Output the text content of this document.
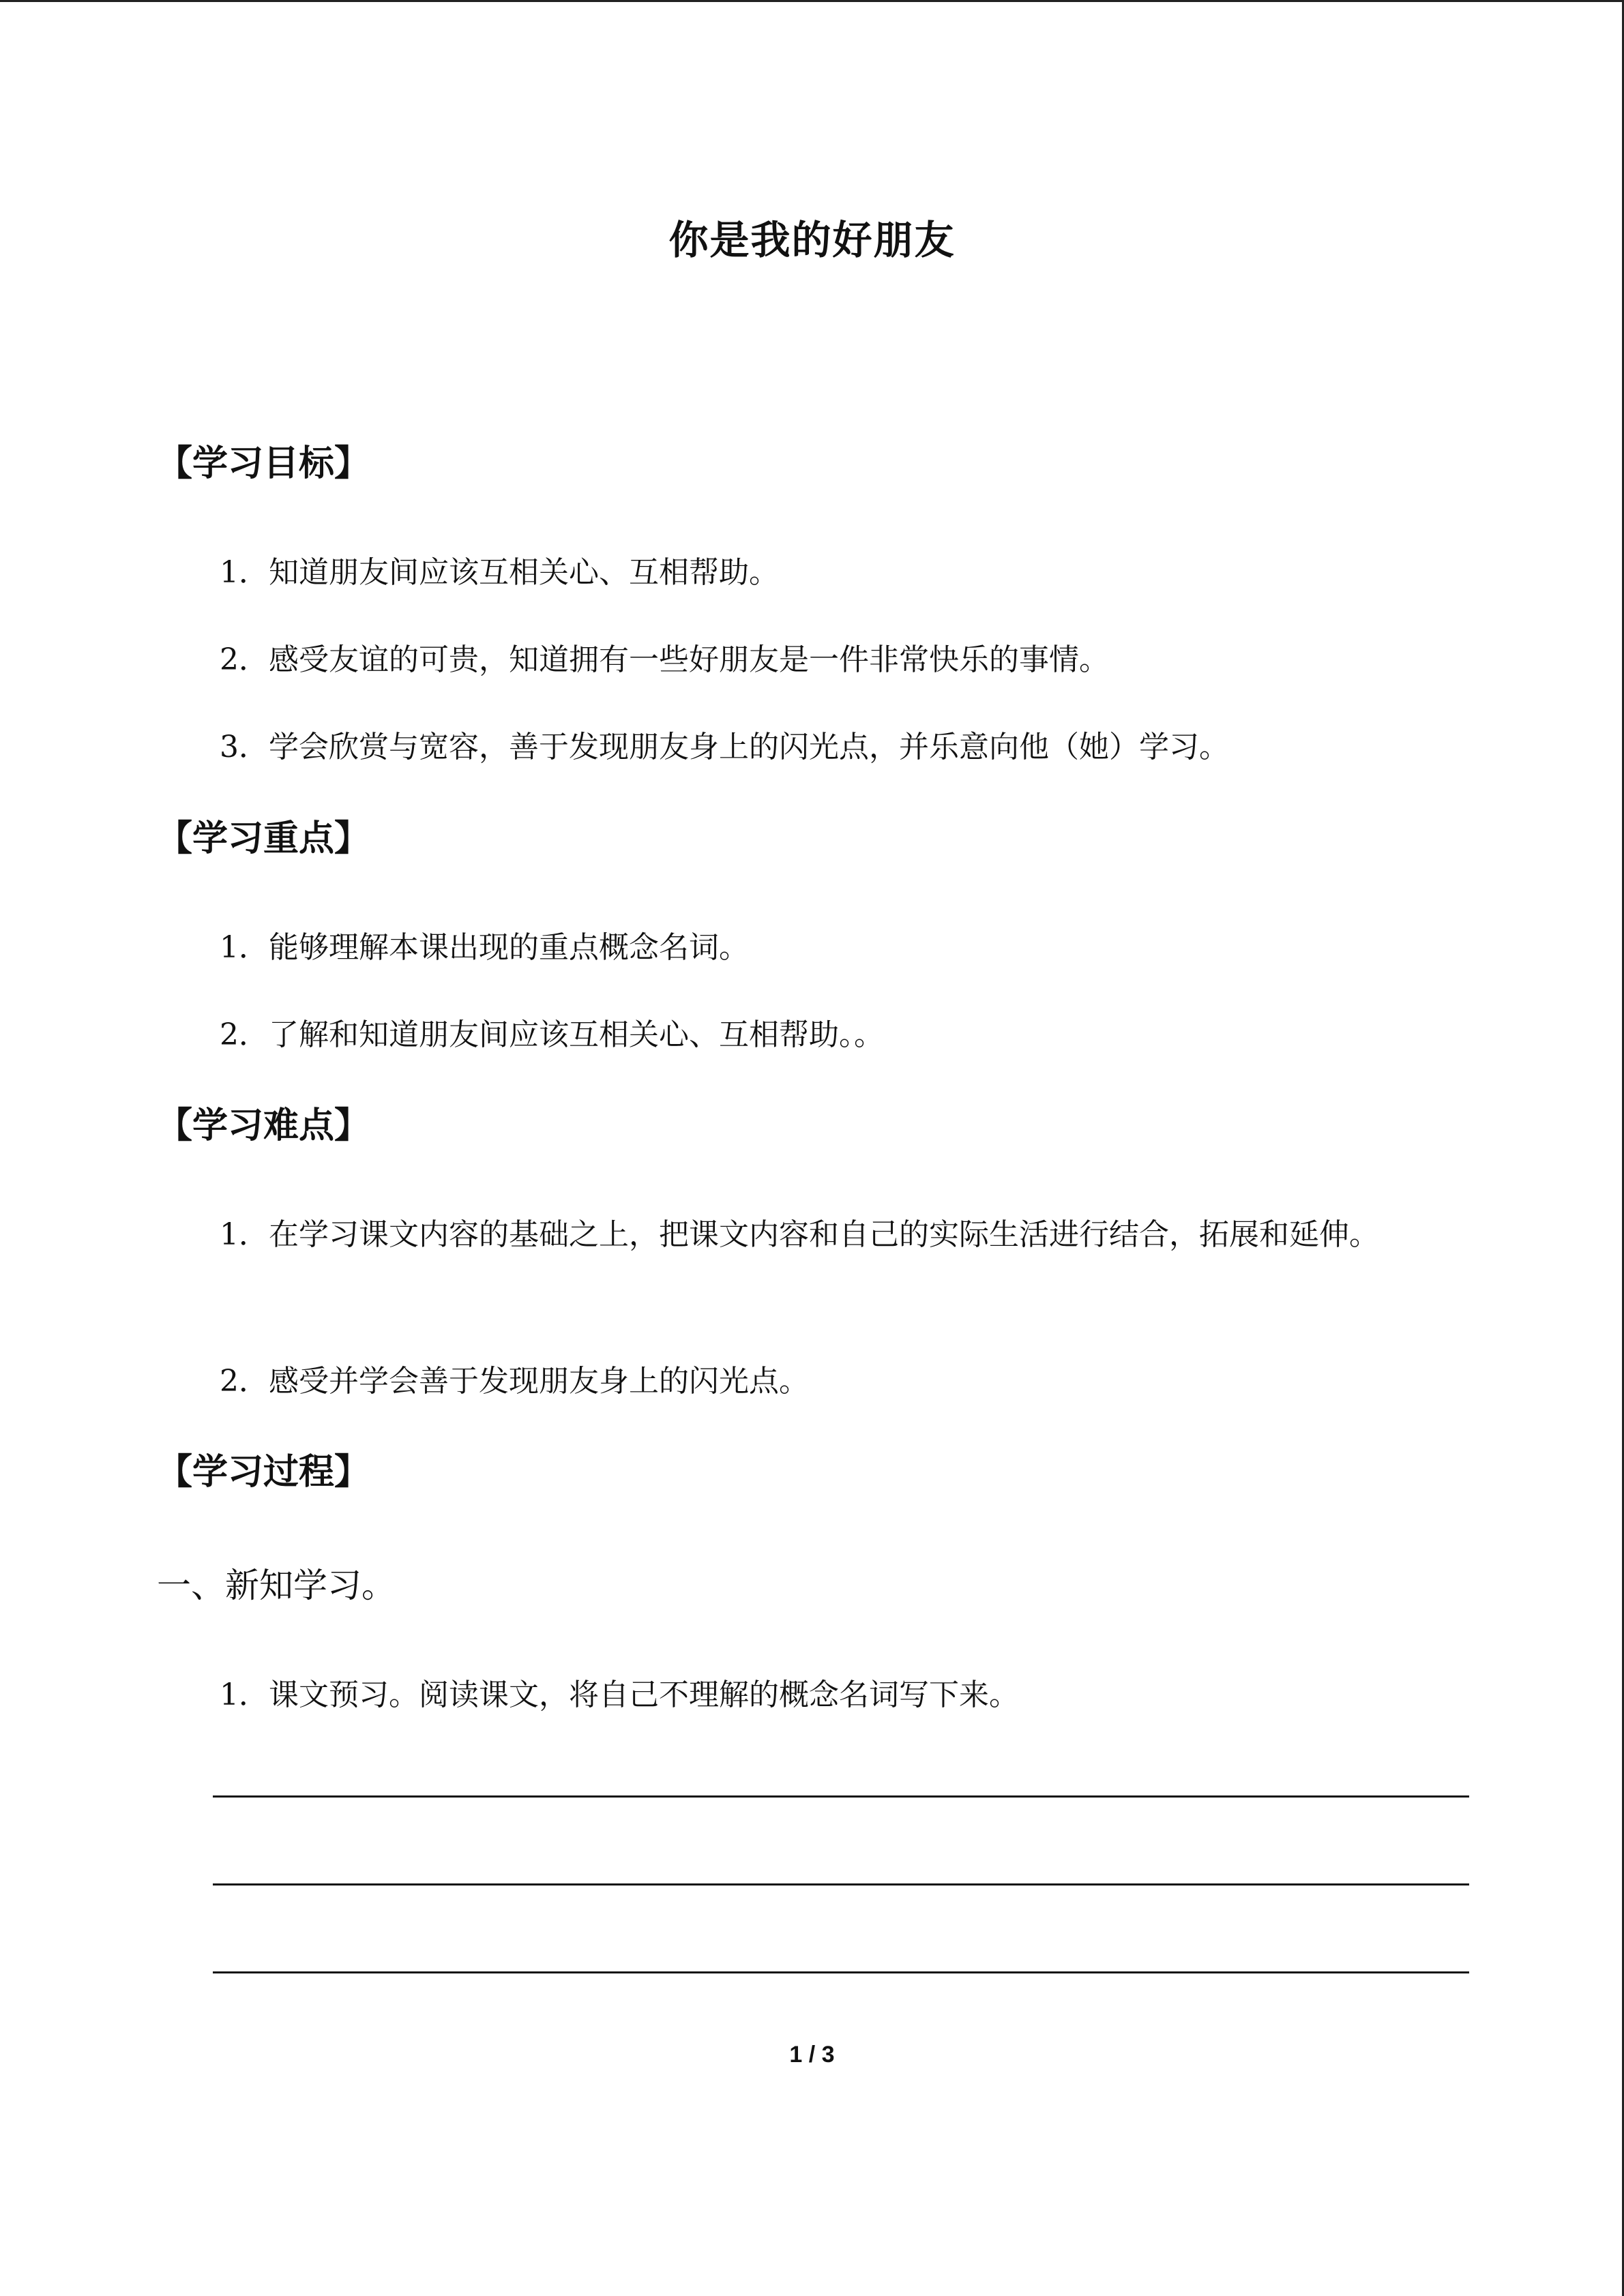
你是我的好朋友
【学习目标】
1．知道朋友间应该互相关心、互相帮助。
2．感受友谊的可贵，知道拥有一些好朋友是一件非常快乐的事情。
3．学会欣赏与宽容，善于发现朋友身上的闪光点，并乐意向他（她）学习。
【学习重点】
1．能够理解本课出现的重点概念名词。
2．了解和知道朋友间应该互相关心、互相帮助。。
【学习难点】
1．在学习课文内容的基础之上，把课文内容和自己的实际生活进行结合，拓展和延伸。
2．感受并学会善于发现朋友身上的闪光点。
【学习过程】
一、新知学习。
1．课文预习。阅读课文，将自己不理解的概念名词写下来。
1 / 3
